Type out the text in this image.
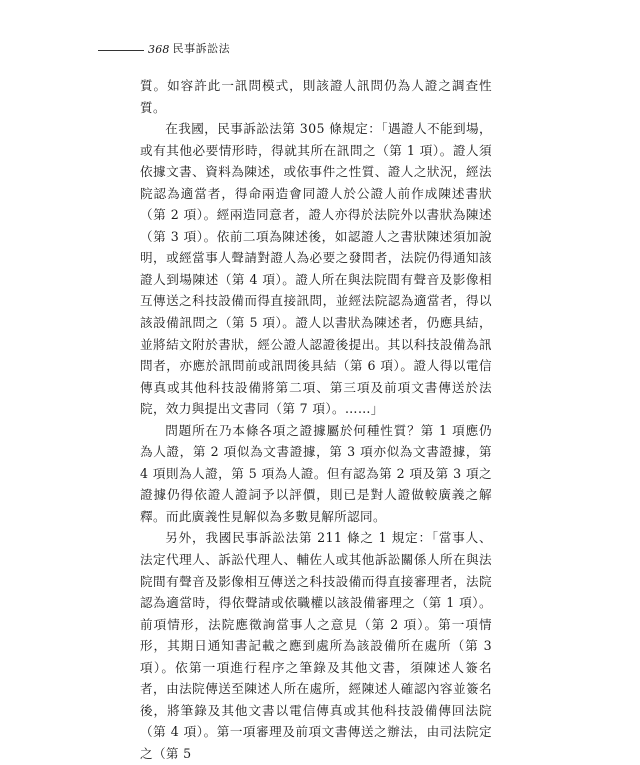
368 民事訴訟法

質。如容許此一訊問模式，則該證人訊問仍為人證之調查性質。

在我國，民事訴訟法第 305 條規定：「遇證人不能到場，或有其他必要情形時，得就其所在訊問之（第 1 項）。證人須依據文書、資料為陳述，或依事件之性質、證人之狀況，經法院認為適當者，得命兩造會同證人於公證人前作成陳述書狀（第 2 項）。經兩造同意者，證人亦得於法院外以書狀為陳述（第 3 項）。依前二項為陳述後，如認證人之書狀陳述須加說明，或經當事人聲請對證人為必要之發問者，法院仍得通知該證人到場陳述（第 4 項）。證人所在與法院間有聲音及影像相互傳送之科技設備而得直接訊問，並經法院認為適當者，得以該設備訊問之（第 5 項）。證人以書狀為陳述者，仍應具結，並將結文附於書狀，經公證人認證後提出。其以科技設備為訊問者，亦應於訊問前或訊問後具結（第 6 項）。證人得以電信傳真或其他科技設備將第二項、第三項及前項文書傳送於法院，效力與提出文書同（第 7 項）。……」

問題所在乃本條各項之證據屬於何種性質？第 1 項應仍為人證，第 2 項似為文書證據，第 3 項亦似為文書證據，第 4 項則為人證，第 5 項為人證。但有認為第 2 項及第 3 項之證據仍得依證人證詞予以評價，則已是對人證做較廣義之解釋。而此廣義性見解似為多數見解所認同。

另外，我國民事訴訟法第 211 條之 1 規定：「當事人、法定代理人、訴訟代理人、輔佐人或其他訴訟關係人所在與法院間有聲音及影像相互傳送之科技設備而得直接審理者，法院認為適當時，得依聲請或依職權以該設備審理之（第 1 項）。前項情形，法院應徵詢當事人之意見（第 2 項）。第一項情形，其期日通知書記載之應到處所為該設備所在處所（第 3 項）。依第一項進行程序之筆錄及其他文書，須陳述人簽名者，由法院傳送至陳述人所在處所，經陳述人確認內容並簽名後，將筆錄及其他文書以電信傳真或其他科技設備傳回法院（第 4 項）。第一項審理及前項文書傳送之辦法，由司法院定之（第 5
